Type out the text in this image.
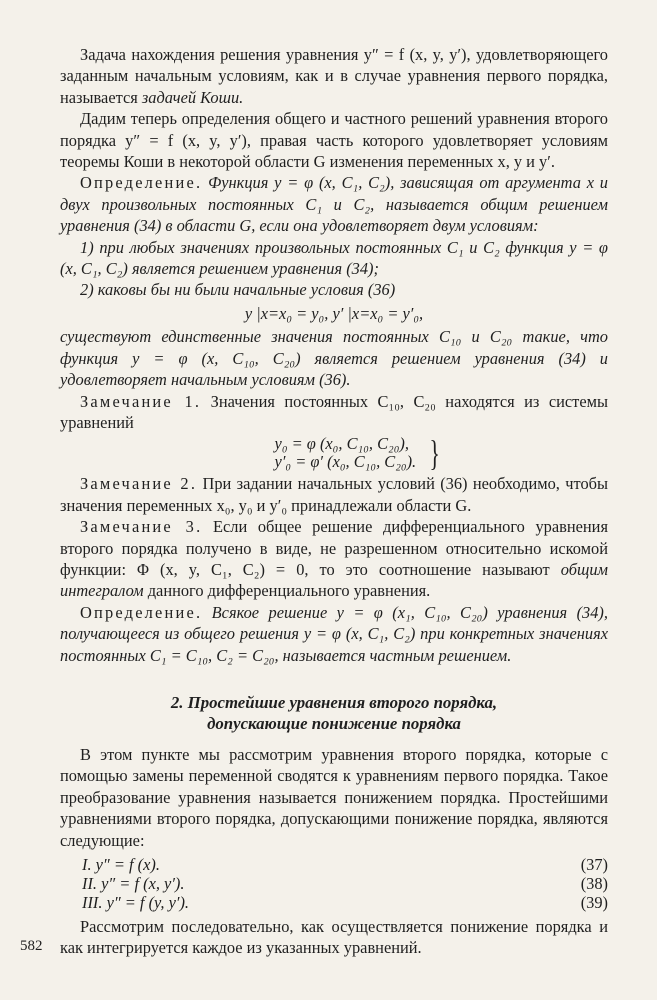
Задача нахождения решения уравнения y″ = f (x, y, y′), удовлетворяющего заданным начальным условиям, как и в случае уравнения первого порядка, называется задачей Коши.

Дадим теперь определения общего и частного решений уравнения второго порядка y″ = f (x, y, y′), правая часть которого удовлетворяет условиям теоремы Коши в некоторой области G изменения переменных x, y и y′.

Определение. Функция y = φ (x, C₁, C₂), зависящая от аргумента x и двух произвольных постоянных C₁ и C₂, называется общим решением уравнения (34) в области G, если она удовлетворяет двум условиям:

1) при любых значениях произвольных постоянных C₁ и C₂ функция y = φ (x, C₁, C₂) является решением уравнения (34);

2) каковы бы ни были начальные условия (36)

y |x=x₀ = y₀, y′ |x=x₀ = y′₀,

существуют единственные значения постоянных C₁₀ и C₂₀ такие, что функция y = φ (x, C₁₀, C₂₀) является решением уравнения (34) и удовлетворяет начальным условиям (36).

Замечание 1. Значения постоянных C₁₀, C₂₀ находятся из системы уравнений

y₀ = φ (x₀, C₁₀, C₂₀),
y′₀ = φ′ (x₀, C₁₀, C₂₀). }

Замечание 2. При задании начальных условий (36) необходимо, чтобы значения переменных x₀, y₀ и y′₀ принадлежали области G.

Замечание 3. Если общее решение дифференциального уравнения второго порядка получено в виде, не разрешенном относительно искомой функции: Φ (x, y, C₁, C₂) = 0, то это соотношение называют общим интегралом данного дифференциального уравнения.

Определение. Всякое решение y = φ (x₁, C₁₀, C₂₀) уравнения (34), получающееся из общего решения y = φ (x, C₁, C₂) при конкретных значениях постоянных C₁ = C₁₀, C₂ = C₂₀, называется частным решением.

2. Простейшие уравнения второго порядка,
допускающие понижение порядка

В этом пункте мы рассмотрим уравнения второго порядка, которые с помощью замены переменной сводятся к уравнениям первого порядка. Такое преобразование уравнения называется понижением порядка. Простейшими уравнениями второго порядка, допускающими понижение порядка, являются следующие:

I. y″ = f (x).	(37)
II. y″ = f (x, y′).	(38)
III. y″ = f (y, y′).	(39)

Рассмотрим последовательно, как осуществляется понижение порядка и как интегрируется каждое из указанных уравнений.

582
